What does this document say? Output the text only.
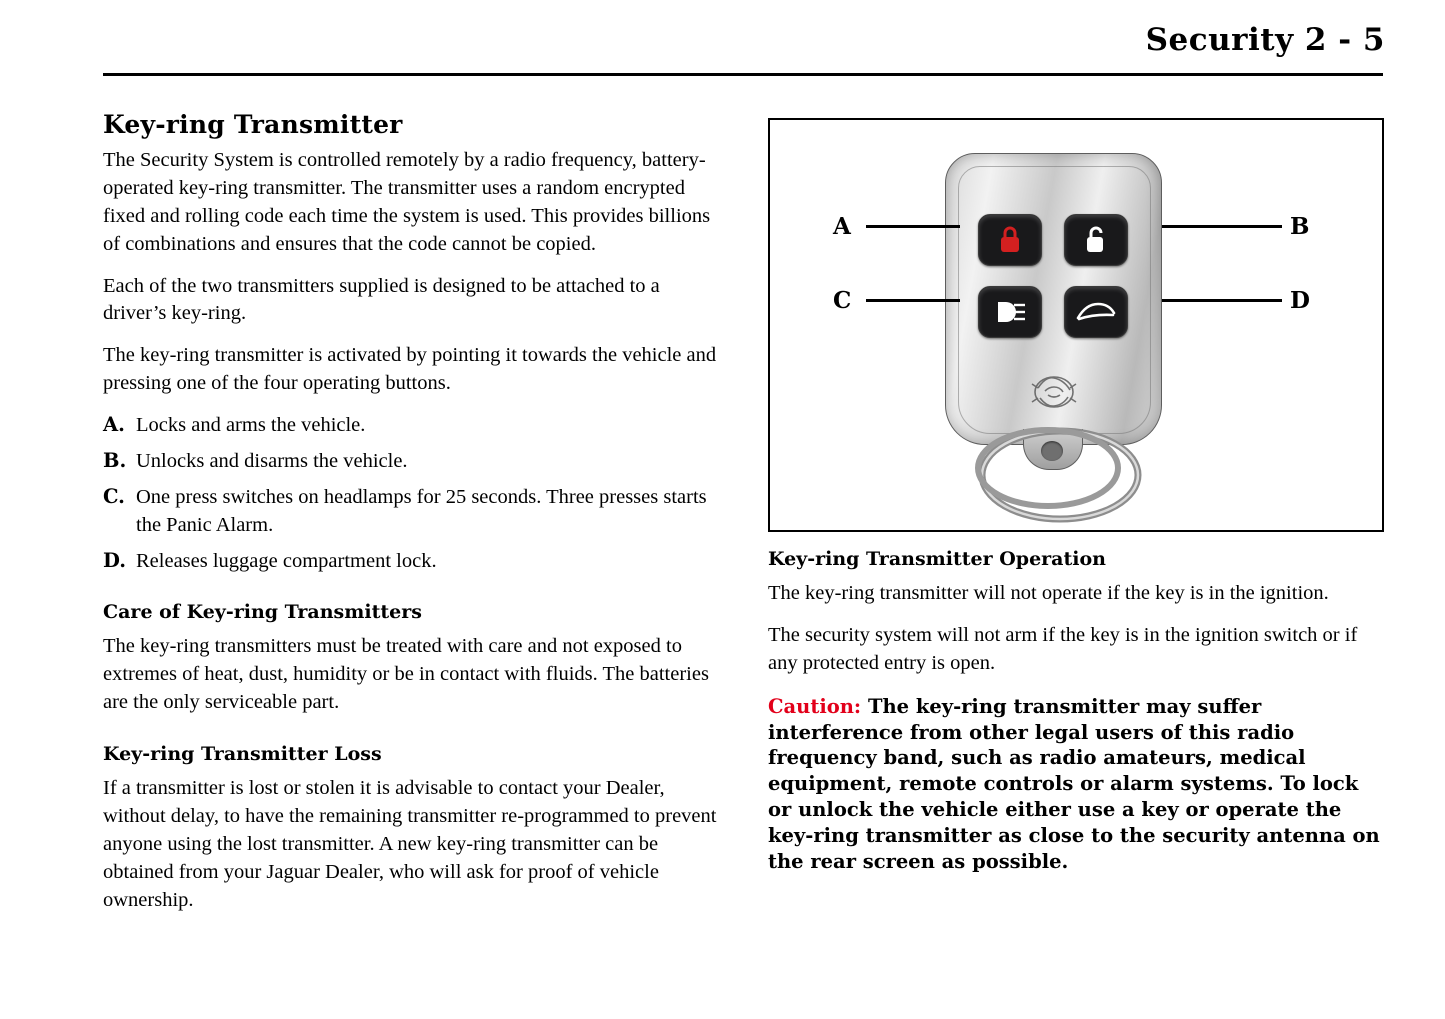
Security 2 - 5
Key-ring Transmitter

The Security System is controlled remotely by a radio frequency, battery-operated key-ring transmitter. The transmitter uses a random encrypted fixed and rolling code each time the system is used. This provides billions of combinations and ensures that the code cannot be copied.

Each of the two transmitters supplied is designed to be attached to a driver’s key-ring.

The key-ring transmitter is activated by pointing it towards the vehicle and pressing one of the four operating buttons.

A. Locks and arms the vehicle.
B. Unlocks and disarms the vehicle.
C. One press switches on headlamps for 25 seconds. Three presses starts the Panic Alarm.
D. Releases luggage compartment lock.
Care of Key-ring Transmitters

The key-ring transmitters must be treated with care and not exposed to extremes of heat, dust, humidity or be in contact with fluids. The batteries are the only serviceable part.

Key-ring Transmitter Loss

If a transmitter is lost or stolen it is advisable to contact your Dealer, without delay, to have the remaining transmitter re-programmed to prevent anyone using the lost transmitter. A new key-ring transmitter can be obtained from your Jaguar Dealer, who will ask for proof of vehicle ownership.

A	B
C	D
Key-ring Transmitter Operation

The key-ring transmitter will not operate if the key is in the ignition.

The security system will not arm if the key is in the ignition switch or if any protected entry is open.

Caution: The key-ring transmitter may suffer interference from other legal users of this radio frequency band, such as radio amateurs, medical equipment, remote controls or alarm systems. To lock or unlock the vehicle either use a key or operate the key-ring transmitter as close to the security antenna on the rear screen as possible.
